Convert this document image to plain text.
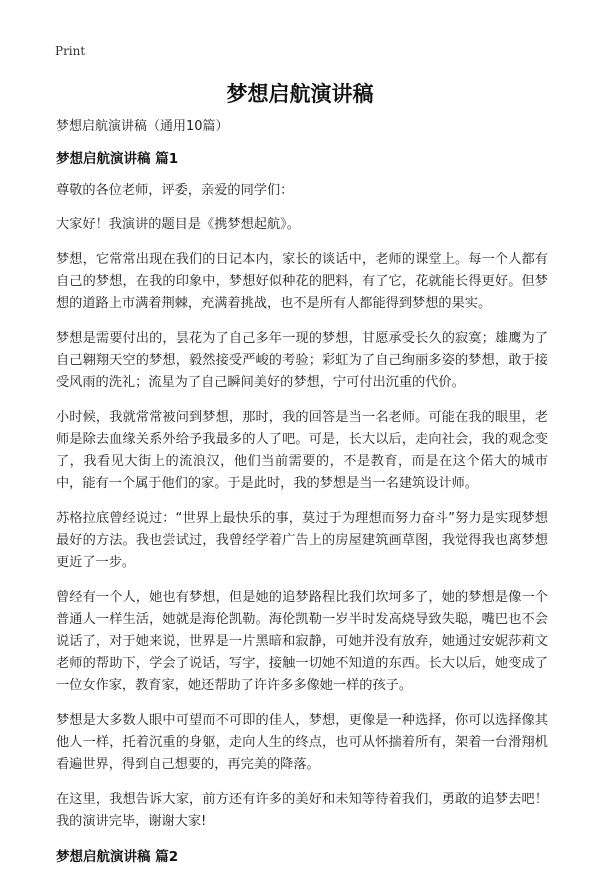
Print
梦想启航演讲稿

梦想启航演讲稿（通用10篇）

梦想启航演讲稿 篇1

尊敬的各位老师，评委，亲爱的同学们：

大家好！我演讲的题目是《携梦想起航》。

梦想，它常常出现在我们的日记本内，家长的谈话中，老师的课堂上。每一个人都有自己的梦想，在我的印象中，梦想好似种花的肥料，有了它，花就能长得更好。但梦想的道路上市满着荆棘，充满着挑战，也不是所有人都能得到梦想的果实。

梦想是需要付出的，昙花为了自己多年一现的梦想，甘愿承受长久的寂寞；雄鹰为了自己翱翔天空的梦想，毅然接受严峻的考验；彩虹为了自己绚丽多姿的梦想，敢于接受风雨的洗礼；流星为了自己瞬间美好的梦想，宁可付出沉重的代价。

小时候，我就常常被问到梦想，那时，我的回答是当一名老师。可能在我的眼里，老师是除去血缘关系外给予我最多的人了吧。可是，长大以后，走向社会，我的观念变了，我看见大街上的流浪汉，他们当前需要的，不是教育，而是在这个偌大的城市中，能有一个属于他们的家。于是此时，我的梦想是当一名建筑设计师。

苏格拉底曾经说过：“世界上最快乐的事，莫过于为理想而努力奋斗”努力是实现梦想最好的方法。我也尝试过，我曾经学着广告上的房屋建筑画草图，我觉得我也离梦想更近了一步。

曾经有一个人，她也有梦想，但是她的追梦路程比我们坎坷多了，她的梦想是像一个普通人一样生活，她就是海伦凯勒。海伦凯勒一岁半时发高烧导致失聪，嘴巴也不会说话了，对于她来说，世界是一片黑暗和寂静，可她并没有放弃，她通过安妮莎莉文老师的帮助下，学会了说话，写字，接触一切她不知道的东西。长大以后，她变成了一位女作家，教育家，她还帮助了许许多多像她一样的孩子。

梦想是大多数人眼中可望而不可即的佳人，梦想，更像是一种选择，你可以选择像其他人一样，托着沉重的身躯，走向人生的终点，也可从怀揣着所有，架着一台滑翔机看遍世界，得到自己想要的，再完美的降落。

在这里，我想告诉大家，前方还有许多的美好和未知等待着我们，勇敢的追梦去吧！我的演讲完毕，谢谢大家!

梦想启航演讲稿 篇2
